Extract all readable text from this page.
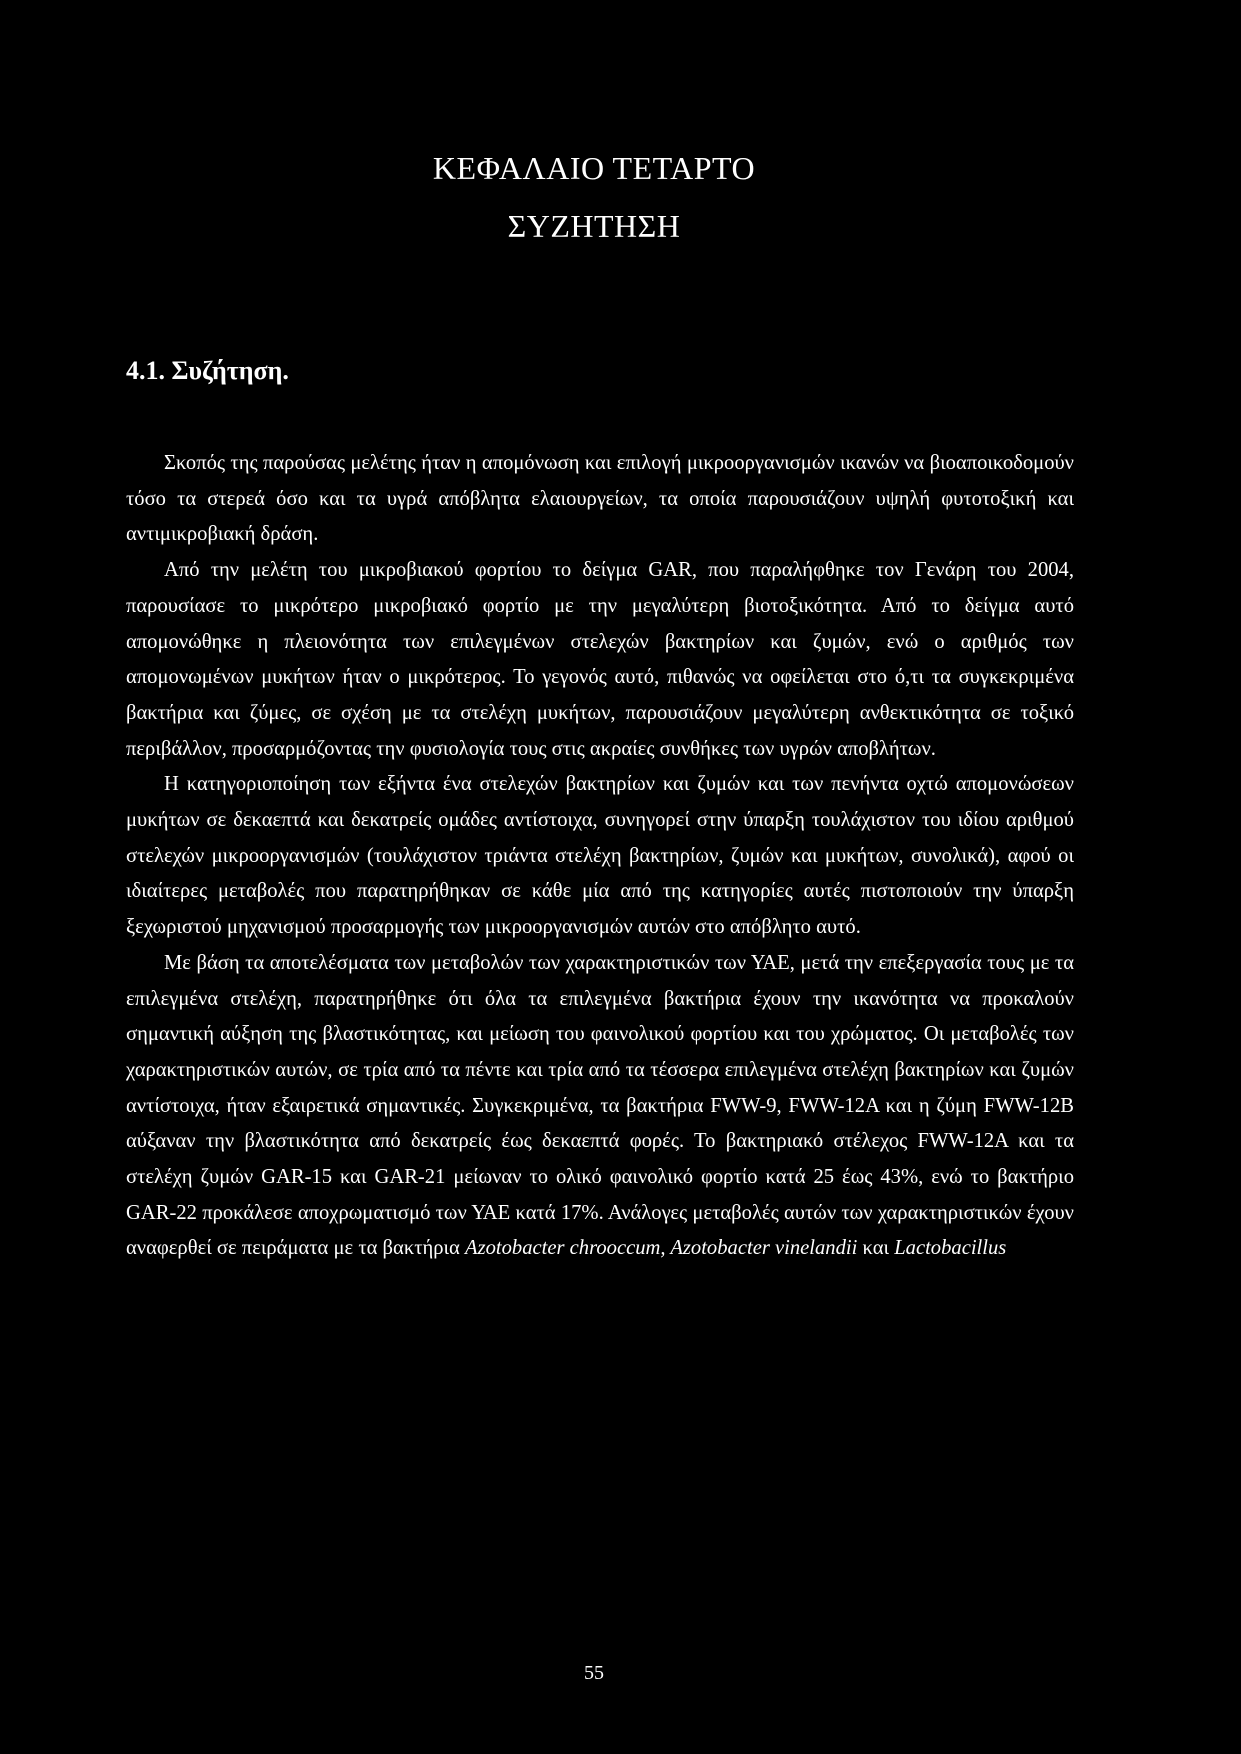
ΚΕΦΑΛΑΙΟ ΤΕΤΑΡΤΟ
ΣΥΖΗΤΗΣΗ
4.1. Συζήτηση.

Σκοπός της παρούσας μελέτης ήταν η απομόνωση και επιλογή μικροοργανισμών ικανών να βιοαποικοδομούν τόσο τα στερεά όσο και τα υγρά απόβλητα ελαιουργείων, τα οποία παρουσιάζουν υψηλή φυτοτοξική και αντιμικροβιακή δράση.

Από την μελέτη του μικροβιακού φορτίου το δείγμα GAR, που παραλήφθηκε τον Γενάρη του 2004, παρουσίασε το μικρότερο μικροβιακό φορτίο με την μεγαλύτερη βιοτοξικότητα. Από το δείγμα αυτό απομονώθηκε η πλειονότητα των επιλεγμένων στελεχών βακτηρίων και ζυμών, ενώ ο αριθμός των απομονωμένων μυκήτων ήταν ο μικρότερος. Το γεγονός αυτό, πιθανώς να οφείλεται στο ό,τι τα συγκεκριμένα βακτήρια και ζύμες, σε σχέση με τα στελέχη μυκήτων, παρουσιάζουν μεγαλύτερη ανθεκτικότητα σε τοξικό περιβάλλον, προσαρμόζοντας την φυσιολογία τους στις ακραίες συνθήκες των υγρών αποβλήτων.

Η κατηγοριοποίηση των εξήντα ένα στελεχών βακτηρίων και ζυμών και των πενήντα οχτώ απομονώσεων μυκήτων σε δεκαεπτά και δεκατρείς ομάδες αντίστοιχα, συνηγορεί στην ύπαρξη τουλάχιστον του ιδίου αριθμού στελεχών μικροοργανισμών (τουλάχιστον τριάντα στελέχη βακτηρίων, ζυμών και μυκήτων, συνολικά), αφού οι ιδιαίτερες μεταβολές που παρατηρήθηκαν σε κάθε μία από της κατηγορίες αυτές πιστοποιούν την ύπαρξη ξεχωριστού μηχανισμού προσαρμογής των μικροοργανισμών αυτών στο απόβλητο αυτό.

Με βάση τα αποτελέσματα των μεταβολών των χαρακτηριστικών των ΥΑΕ, μετά την επεξεργασία τους με τα επιλεγμένα στελέχη, παρατηρήθηκε ότι όλα τα επιλεγμένα βακτήρια έχουν την ικανότητα να προκαλούν σημαντική αύξηση της βλαστικότητας, και μείωση του φαινολικού φορτίου και του χρώματος. Οι μεταβολές των χαρακτηριστικών αυτών, σε τρία από τα πέντε και τρία από τα τέσσερα επιλεγμένα στελέχη βακτηρίων και ζυμών αντίστοιχα, ήταν εξαιρετικά σημαντικές. Συγκεκριμένα, τα βακτήρια FWW-9, FWW-12A και η ζύμη FWW-12B αύξαναν την βλαστικότητα από δεκατρείς έως δεκαεπτά φορές. Το βακτηριακό στέλεχος FWW-12A και τα στελέχη ζυμών GAR-15 και GAR-21 μείωναν το ολικό φαινολικό φορτίο κατά 25 έως 43%, ενώ το βακτήριο GAR-22 προκάλεσε αποχρωματισμό των ΥΑΕ κατά 17%. Ανάλογες μεταβολές αυτών των χαρακτηριστικών έχουν αναφερθεί σε πειράματα με τα βακτήρια Azotobacter chrooccum, Azotobacter vinelandii και Lactobacillus

55
